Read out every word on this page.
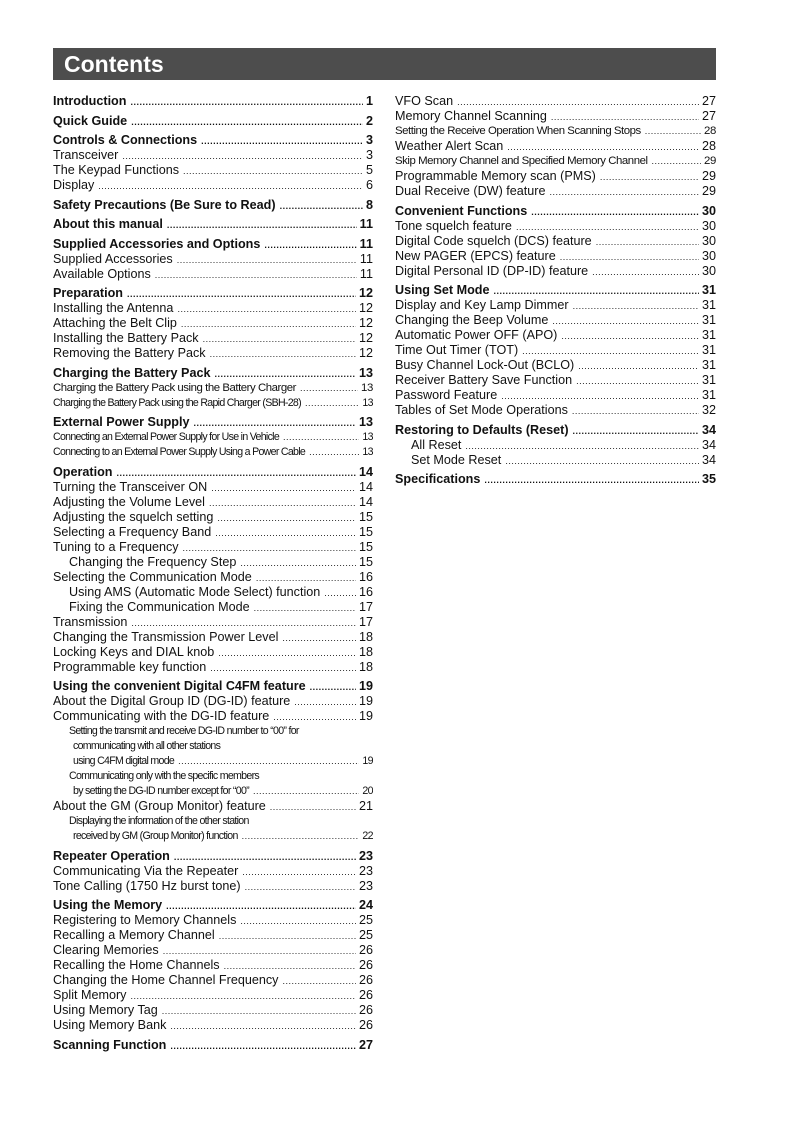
Contents
Introduction .....	1
Quick Guide .....	2
Controls & Connections .....	3
Transceiver .....	3
The Keypad Functions .....	5
Display .....	6
Safety Precautions (Be Sure to Read) .....	8
About this manual .....	11
Supplied Accessories and Options .....	11
Supplied Accessories .....	11
Available Options .....	11
Preparation .....	12
Installing the Antenna .....	12
Attaching the Belt Clip .....	12
Installing the Battery Pack .....	12
Removing the Battery Pack .....	12
Charging the Battery Pack .....	13
Charging the Battery Pack using the Battery Charger .....	13
Charging the Battery Pack using the Rapid Charger (SBH-28) .....	13
External Power Supply .....	13
Connecting an External Power Supply for Use in Vehicle .....	13
Connecting to an External Power Supply Using a Power Cable .....	13
Operation .....	14
Turning the Transceiver ON .....	14
Adjusting the Volume Level .....	14
Adjusting the squelch setting .....	15
Selecting a Frequency Band .....	15
Tuning to a Frequency .....	15
Changing the Frequency Step .....	15
Selecting the Communication Mode .....	16
Using AMS (Automatic Mode Select) function .....	16
Fixing the Communication Mode .....	17
Transmission .....	17
Changing the Transmission Power Level .....	18
Locking Keys and DIAL knob .....	18
Programmable key function .....	18
Using the convenient Digital C4FM feature .....	19
About the Digital Group ID (DG-ID) feature .....	19
Communicating with the DG-ID feature .....	19
Setting the transmit and receive DG-ID number to “00” for
communicating with all other stations
using C4FM digital mode .....	19
Communicating only with the specific members
by setting the DG-ID number except for “00” .....	20
About the GM (Group Monitor) feature .....	21
Displaying the information of the other station
received by GM (Group Monitor) function .....	22
Repeater Operation .....	23
Communicating Via the Repeater .....	23
Tone Calling (1750 Hz burst tone) .....	23
Using the Memory .....	24
Registering to Memory Channels .....	25
Recalling a Memory Channel .....	25
Clearing Memories .....	26
Recalling the Home Channels .....	26
Changing the Home Channel Frequency .....	26
Split Memory .....	26
Using Memory Tag .....	26
Using Memory Bank .....	26
Scanning Function .....	27
VFO Scan .....	27
Memory Channel Scanning .....	27
Setting the Receive Operation When Scanning Stops .....	28
Weather Alert Scan .....	28
Skip Memory Channel and Specified Memory Channel .....	29
Programmable Memory scan (PMS) .....	29
Dual Receive (DW) feature .....	29
Convenient Functions .....	30
Tone squelch feature .....	30
Digital Code squelch (DCS) feature .....	30
New PAGER (EPCS) feature .....	30
Digital Personal ID (DP-ID) feature .....	30
Using Set Mode .....	31
Display and Key Lamp Dimmer .....	31
Changing the Beep Volume .....	31
Automatic Power OFF (APO) .....	31
Time Out Timer (TOT) .....	31
Busy Channel Lock-Out (BCLO) .....	31
Receiver Battery Save Function .....	31
Password Feature .....	31
Tables of Set Mode Operations .....	32
Restoring to Defaults (Reset) .....	34
All Reset .....	34
Set Mode Reset .....	34
Specifications .....	35
